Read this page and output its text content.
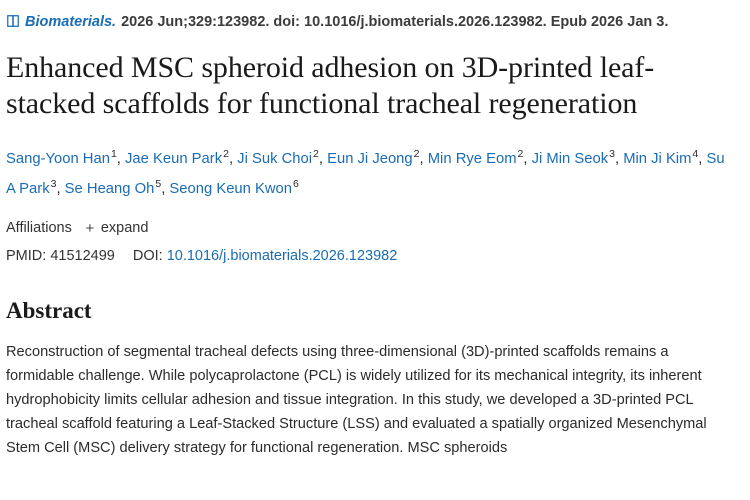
Biomaterials. 2026 Jun;329:123982. doi: 10.1016/j.biomaterials.2026.123982. Epub 2026 Jan 3.
Enhanced MSC spheroid adhesion on 3D-printed leaf-stacked scaffolds for functional tracheal regeneration
Sang-Yoon Han$^1$, Jae Keun Park$^2$, Ji Suk Choi$^2$, Eun Ji Jeong$^2$, Min Rye Eom$^2$, Ji Min Seok$^3$, Min Ji Kim$^4$, Su A Park$^3$, Se Heang Oh$^5$, Seong Keun Kwon$^6$
Affiliations + expand
PMID: 41512499 DOI: 10.1016/j.biomaterials.2026.123982
Abstract
Reconstruction of segmental tracheal defects using three-dimensional (3D)-printed scaffolds remains a formidable challenge. While polycaprolactone (PCL) is widely utilized for its mechanical integrity, its inherent hydrophobicity limits cellular adhesion and tissue integration. In this study, we developed a 3D-printed PCL tracheal scaffold featuring a Leaf-Stacked Structure (LSS) and evaluated a spatially organized Mesenchymal Stem Cell (MSC) delivery strategy for functional regeneration. MSC spheroids
